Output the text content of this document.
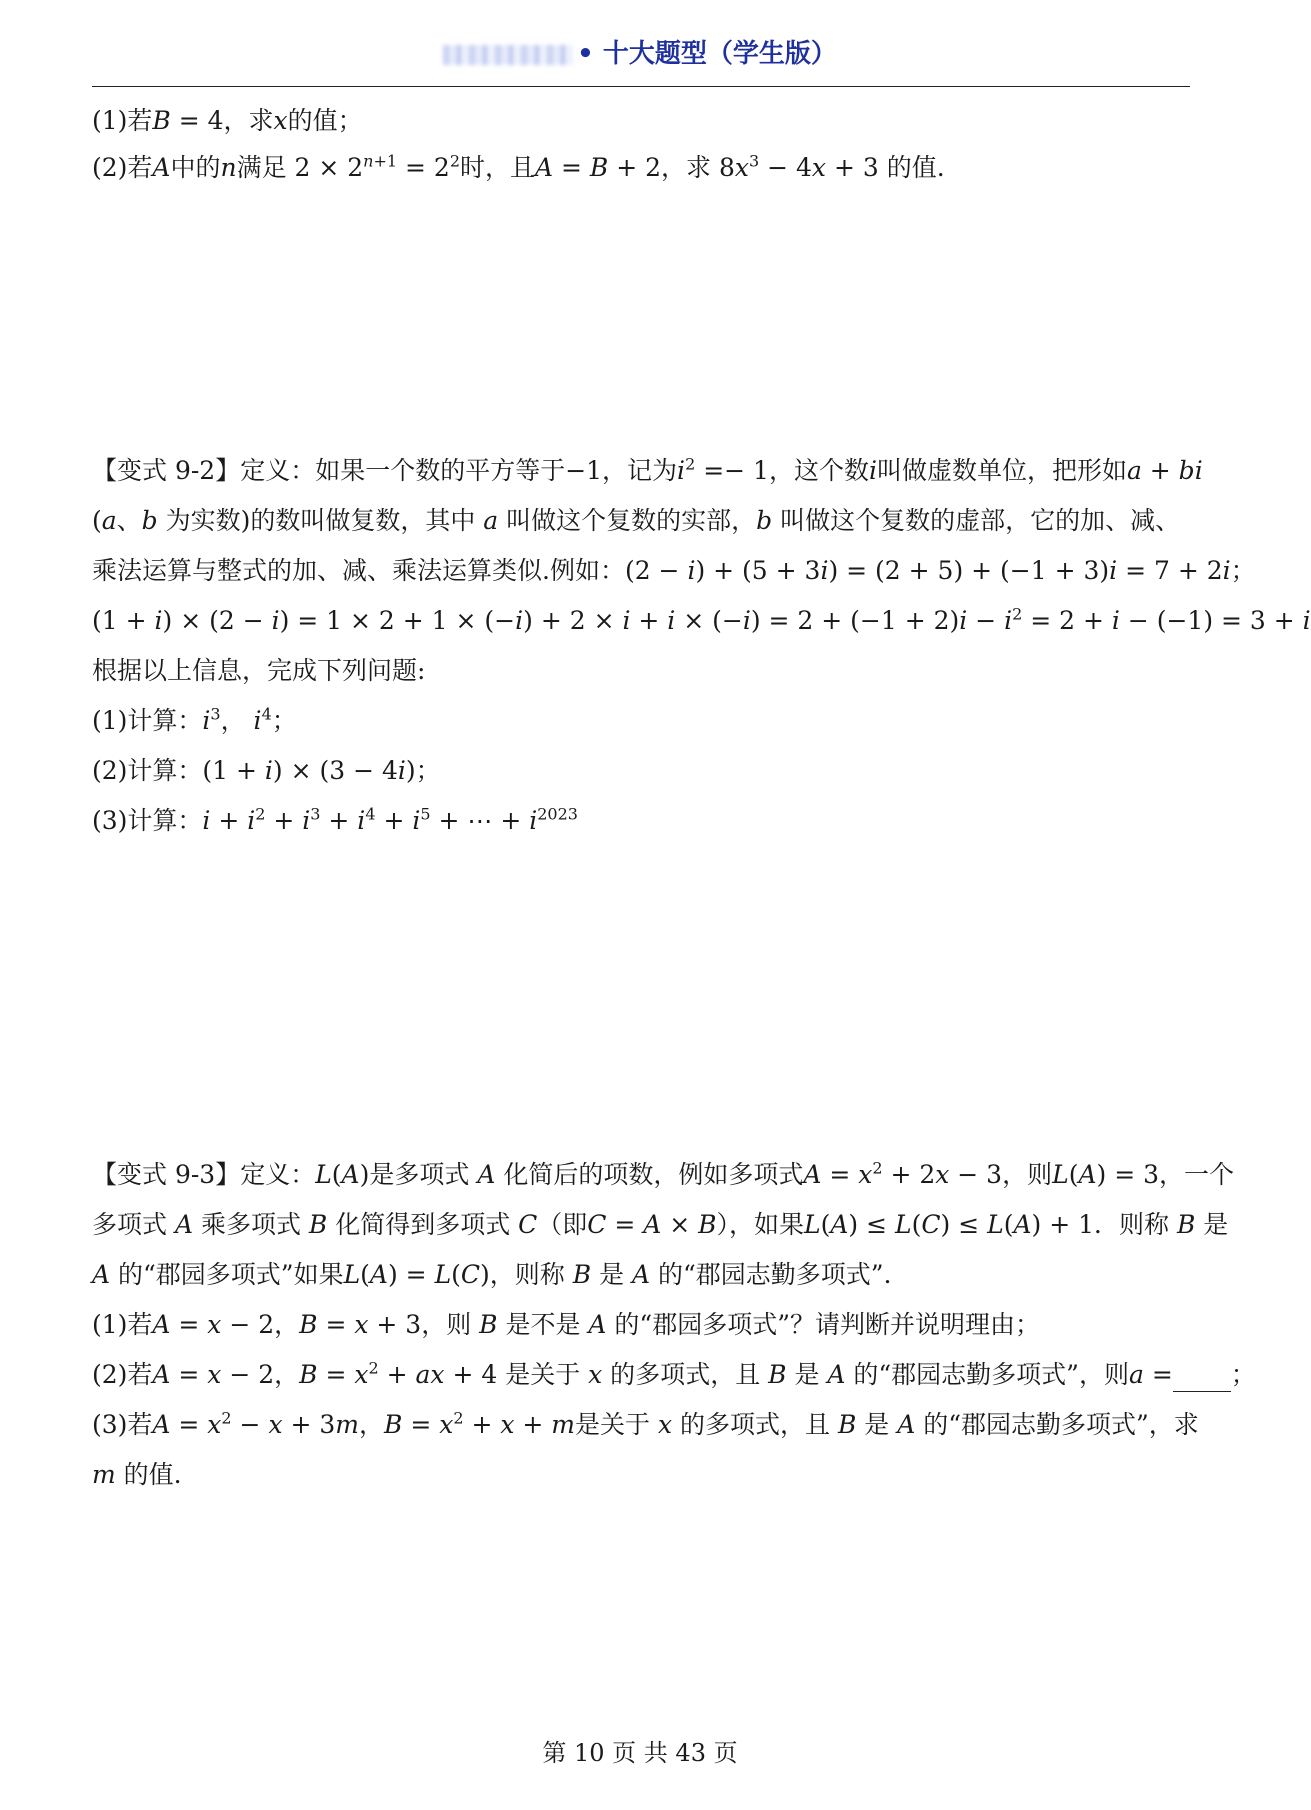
• 十大题型（学生版）
(1)若𝐵 = 4，求𝑥的值；
(2)若𝐴中的𝑛满足 $2 \times 2^{𝑛+1} = 2^2$时，且𝐴 = 𝐵 + 2，求 8𝑥$^3$ − 4𝑥 + 3 的值.
【变式 9-2】定义：如果一个数的平方等于−1，记为𝑖$^2$ =− 1，这个数𝑖叫做虚数单位，把形如𝑎 + 𝑏𝑖
(𝑎、𝑏 为实数)的数叫做复数，其中 𝑎 叫做这个复数的实部，𝑏 叫做这个复数的虚部，它的加、减、
乘法运算与整式的加、减、乘法运算类似.例如：(2 − 𝑖) + (5 + 3𝑖) = (2 + 5) + (−1 + 3)𝑖 = 7 + 2𝑖；
(1 + 𝑖) × (2 − 𝑖) = 1 × 2 + 1 × (−𝑖) + 2 × 𝑖 + 𝑖 × (−𝑖) = 2 + (−1 + 2)𝑖 − 𝑖$^2$ = 2 + 𝑖 − (−1) = 3 + 𝑖
根据以上信息，完成下列问题:
(1)计算：𝑖$^3$， 𝑖$^4$；
(2)计算：(1 + 𝑖) × (3 − 4𝑖)；
(3)计算：𝑖 + 𝑖$^2$ + 𝑖$^3$ + 𝑖$^4$ + 𝑖$^5$ + ⋯ + 𝑖$^{2023}$
【变式 9-3】定义：𝐿(𝐴)是多项式 𝐴 化简后的项数，例如多项式𝐴 = 𝑥$^2$ + 2𝑥 − 3，则𝐿(𝐴) = 3，一个
多项式 𝐴 乘多项式 𝐵 化简得到多项式 𝐶（即𝐶 = 𝐴 × 𝐵），如果𝐿(𝐴) ≤ 𝐿(𝐶) ≤ 𝐿(𝐴) + 1．则称 𝐵 是
𝐴 的“郡园多项式”如果𝐿(𝐴) = 𝐿(𝐶)，则称 𝐵 是 𝐴 的“郡园志勤多项式”．
(1)若𝐴 = 𝑥 − 2，𝐵 = 𝑥 + 3，则 𝐵 是不是 𝐴 的“郡园多项式”？请判断并说明理由；
(2)若𝐴 = 𝑥 − 2，𝐵 = 𝑥$^2$ + 𝑎𝑥 + 4 是关于 𝑥 的多项式，且 𝐵 是 𝐴 的“郡园志勤多项式”，则𝑎 = ；
(3)若𝐴 = 𝑥$^2$ − 𝑥 + 3𝑚，𝐵 = 𝑥$^2$ + 𝑥 + 𝑚是关于 𝑥 的多项式，且 𝐵 是 𝐴 的“郡园志勤多项式”，求
𝑚 的值.
第 10 页 共 43 页
